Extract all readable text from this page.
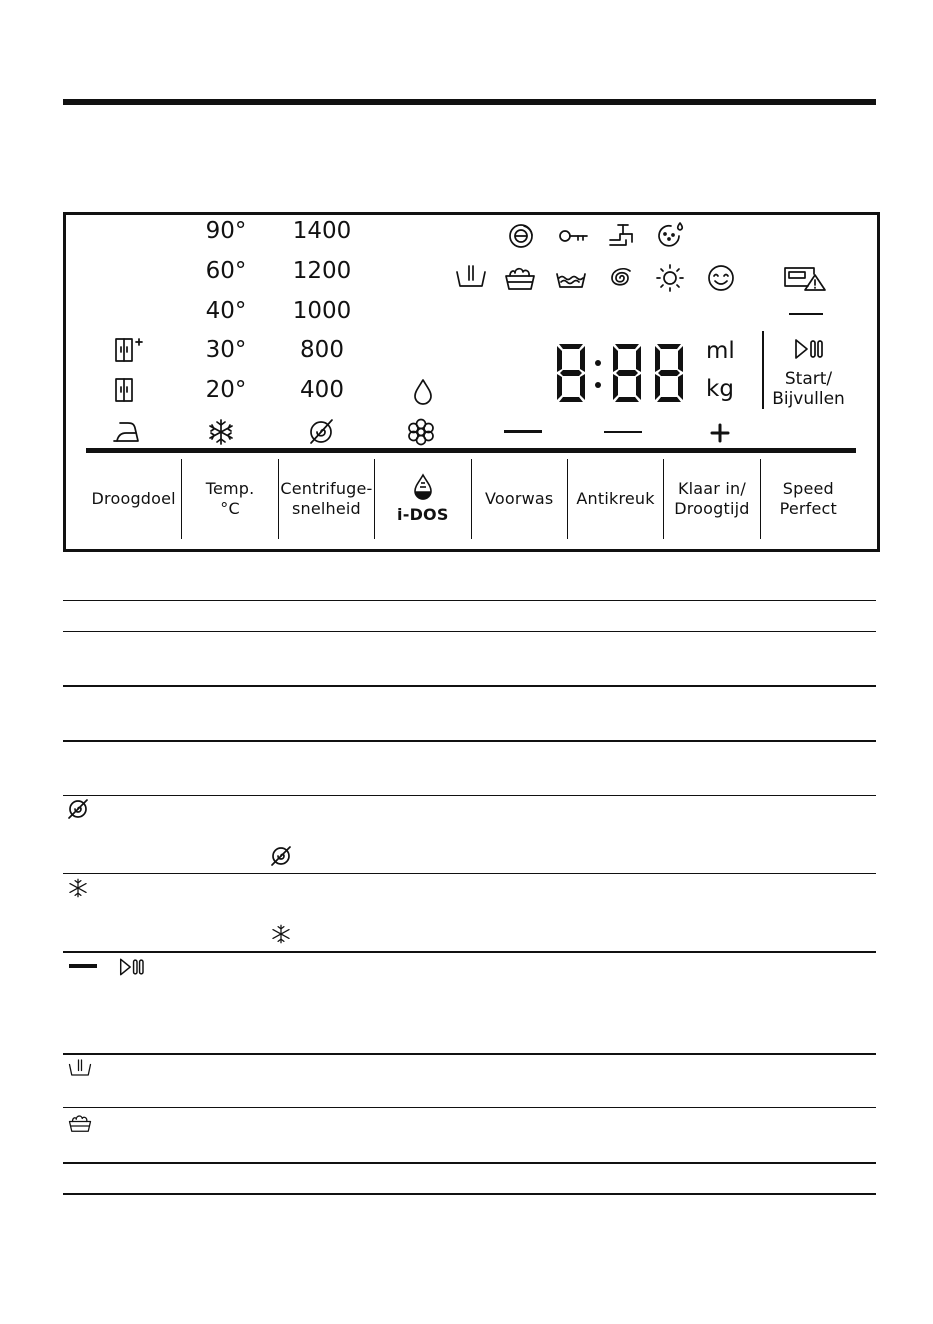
90°
60°
40°
30°
20°
1400
1200
1000
800
400
ml
kg	Start/
Bijvullen
Droogdoel
Temp.
°C
Centrifuge-
snelheid i-DOS
Voorwas Antikreuk
Klaar in/
Droogtijd
Speed
Perfect
